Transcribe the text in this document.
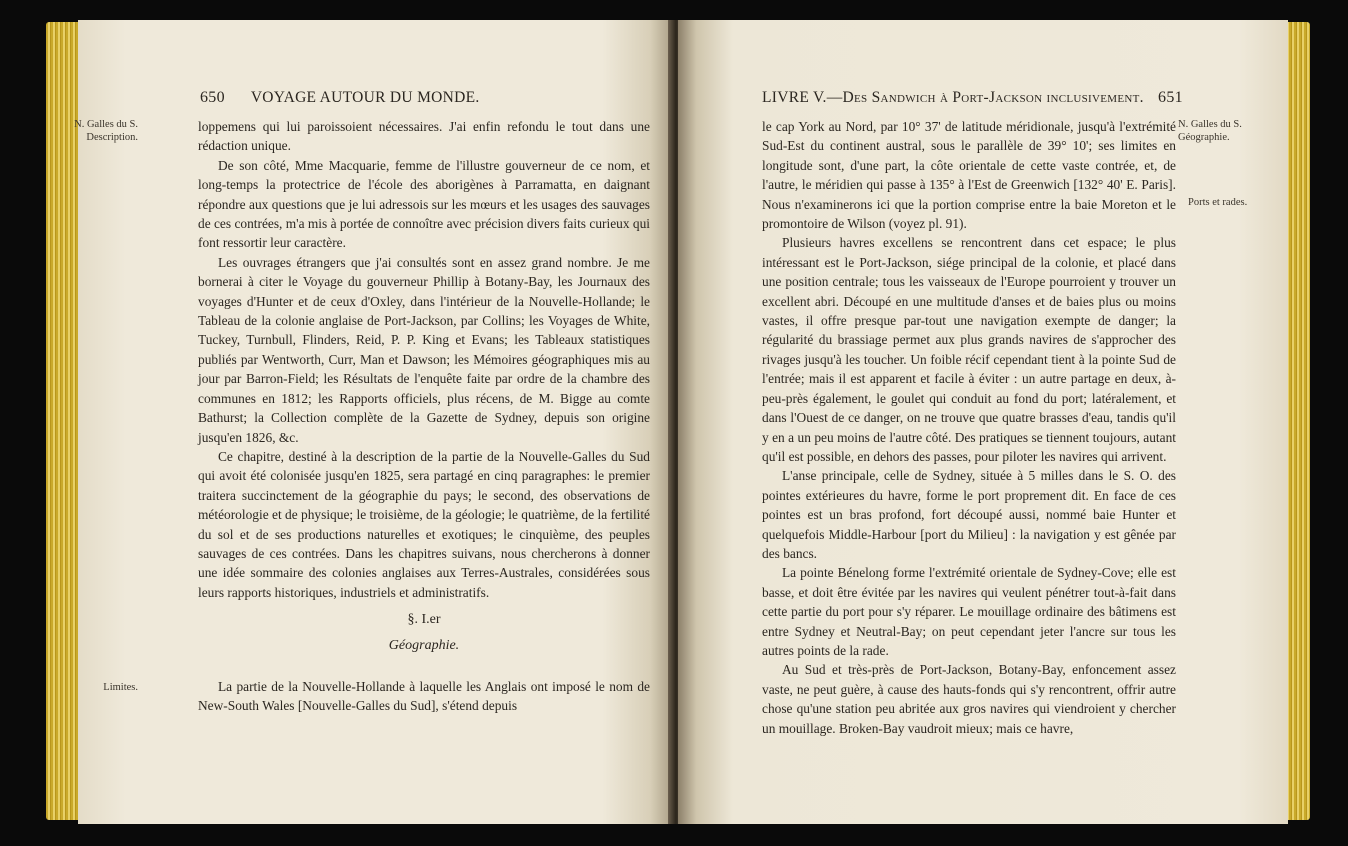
650 VOYAGE AUTOUR DU MONDE.
N. Galles du S.
Description.

loppemens qui lui paroissoient nécessaires. J'ai enfin refondu le tout dans une rédaction unique.

De son côté, Mme Macquarie, femme de l'illustre gouverneur de ce nom, et long-temps la protectrice de l'école des aborigènes à Parramatta, en daignant répondre aux questions que je lui adressois sur les mœurs et les usages des sauvages de ces contrées, m'a mis à portée de connoître avec précision divers faits curieux qui font ressortir leur caractère.

Les ouvrages étrangers que j'ai consultés sont en assez grand nombre. Je me bornerai à citer le Voyage du gouverneur Phillip à Botany-Bay, les Journaux des voyages d'Hunter et de ceux d'Oxley, dans l'intérieur de la Nouvelle-Hollande; le Tableau de la colonie anglaise de Port-Jackson, par Collins; les Voyages de White, Tuckey, Turnbull, Flinders, Reid, P. P. King et Evans; les Tableaux statistiques publiés par Wentworth, Curr, Man et Dawson; les Mémoires géographiques mis au jour par Barron-Field; les Résultats de l'enquête faite par ordre de la chambre des communes en 1812; les Rapports officiels, plus récens, de M. Bigge au comte Bathurst; la Collection complète de la Gazette de Sydney, depuis son origine jusqu'en 1826, &c.

Ce chapitre, destiné à la description de la partie de la Nouvelle-Galles du Sud qui avoit été colonisée jusqu'en 1825, sera partagé en cinq paragraphes: le premier traitera succinctement de la géographie du pays; le second, des observations de météorologie et de physique; le troisième, de la géologie; le quatrième, de la fertilité du sol et de ses productions naturelles et exotiques; le cinquième, des peuples sauvages de ces contrées. Dans les chapitres suivans, nous chercherons à donner une idée sommaire des colonies anglaises aux Terres-Australes, considérées sous leurs rapports historiques, industriels et administratifs.

§. I.er
Géographie.
Limites.	La partie de la Nouvelle-Hollande à laquelle les Anglais ont imposé le nom de New-South Wales [Nouvelle-Galles du Sud], s'étend depuis

LIVRE V.—Des Sandwich à Port-Jackson inclusivement. 651

le cap York au Nord, par 10° 37' de latitude méridionale, jusqu'à l'extrémité Sud-Est du continent austral, sous le parallèle de 39° 10'; ses limites en longitude sont, d'une part, la côte orientale de cette vaste contrée, et, de l'autre, le méridien qui passe à 135° à l'Est de Greenwich [132° 40' E. Paris]. Nous n'examinerons ici que la portion comprise entre la baie Moreton et le promontoire de Wilson (voyez pl. 91).

Plusieurs havres excellens se rencontrent dans cet espace; le plus intéressant est le Port-Jackson, siége principal de la colonie, et placé dans une position centrale; tous les vaisseaux de l'Europe pourroient y trouver un excellent abri. Découpé en une multitude d'anses et de baies plus ou moins vastes, il offre presque par-tout une navigation exempte de danger; la régularité du brassiage permet aux plus grands navires de s'approcher des rivages jusqu'à les toucher. Un foible récif cependant tient à la pointe Sud de l'entrée; mais il est apparent et facile à éviter : un autre partage en deux, à-peu-près également, le goulet qui conduit au fond du port; latéralement, et dans l'Ouest de ce danger, on ne trouve que quatre brasses d'eau, tandis qu'il y en a un peu moins de l'autre côté. Des pratiques se tiennent toujours, autant qu'il est possible, en dehors des passes, pour piloter les navires qui arrivent.

L'anse principale, celle de Sydney, située à 5 milles dans le S. O. des pointes extérieures du havre, forme le port proprement dit. En face de ces pointes est un bras profond, fort découpé aussi, nommé baie Hunter et quelquefois Middle-Harbour [port du Milieu] : la navigation y est gênée par des bancs.

La pointe Bénelong forme l'extrémité orientale de Sydney-Cove; elle est basse, et doit être évitée par les navires qui veulent pénétrer tout-à-fait dans cette partie du port pour s'y réparer. Le mouillage ordinaire des bâtimens est entre Sydney et Neutral-Bay; on peut cependant jeter l'ancre sur tous les autres points de la rade.

Au Sud et très-près de Port-Jackson, Botany-Bay, enfoncement assez vaste, ne peut guère, à cause des hauts-fonds qui s'y rencontrent, offrir autre chose qu'une station peu abritée aux gros navires qui viendroient y chercher un mouillage. Broken-Bay vaudroit mieux; mais ce havre,

N. Galles du S.
Géographie.
Ports et rades.
